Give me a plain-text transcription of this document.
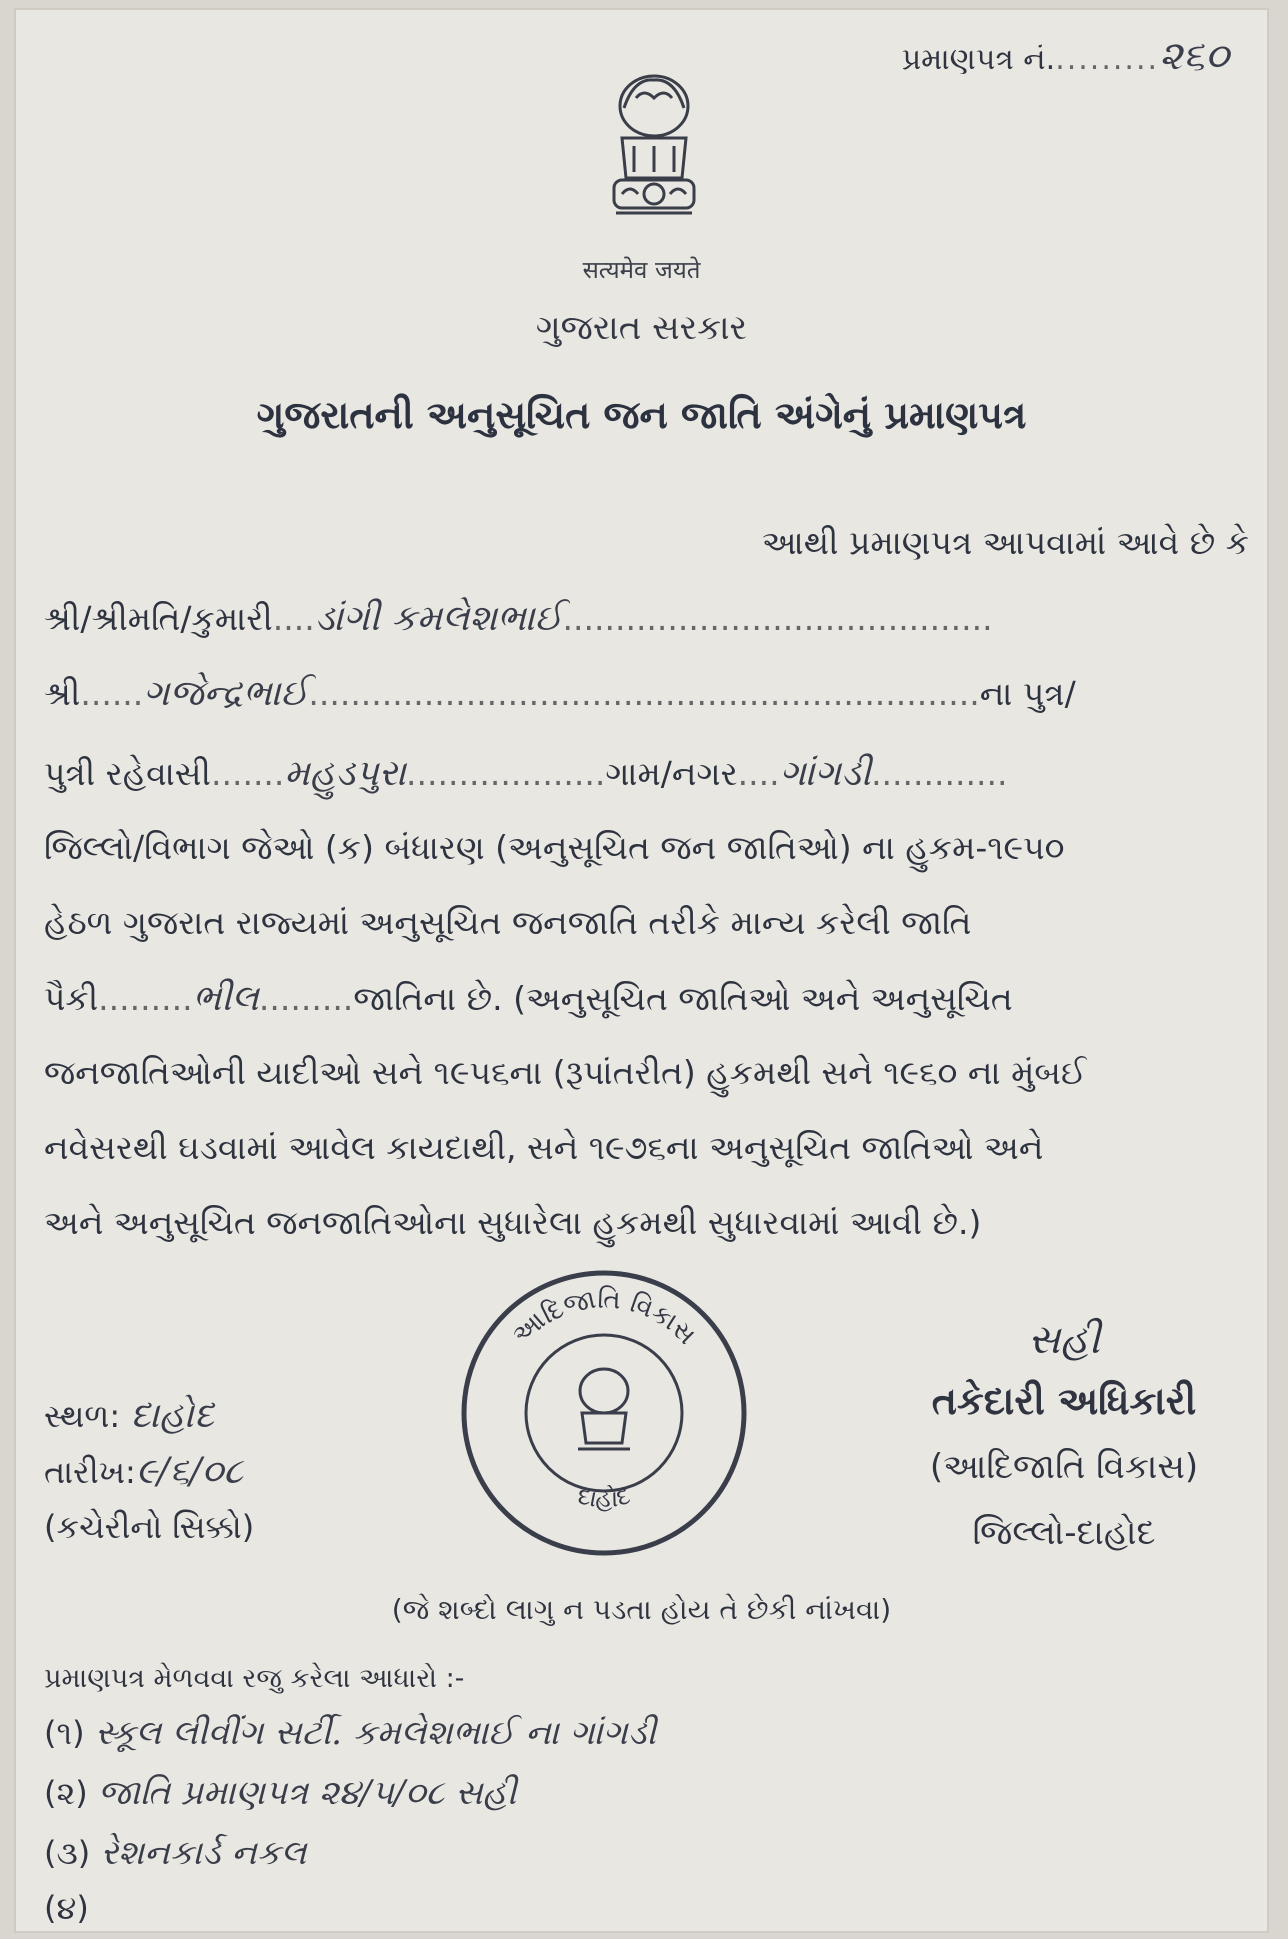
પ્રમાણપત્ર નં..........૨૬૦
सत्यमेव जयते
ગુજરાત સરકાર
ગુજરાતની અનુસૂચિત જન જાતિ અંગેનું પ્રમાણપત્ર
આથી પ્રમાણપત્ર આપવામાં આવે છે કે
શ્રી/શ્રીમતિ/કુમારી....ડાંગી કમલેશભાઈ.........................................
શ્રી......ગજેન્દ્રભાઈ................................................................ના પુત્ર/
પુત્રી રહેવાસી.......મહુડપુરા...................ગામ/નગર....ગાંગડી.............
જિલ્લો/વિભાગ જેઓ (ક) બંધારણ (અનુસૂચિત જન જાતિઓ) ના હુકમ-૧૯૫૦
હેઠળ ગુજરાત રાજ્યમાં અનુસૂચિત જનજાતિ તરીકે માન્ય કરેલી જાતિ
પૈકી.........ભીલ.........જાતિના છે. (અનુસૂચિત જાતિઓ અને અનુસૂચિત
જનજાતિઓની યાદીઓ સને ૧૯૫૬ના (રૂપાંતરીત) હુકમથી સને ૧૯૬૦ ના મુંબઈ
નવેસરથી ઘડવામાં આવેલ કાયદાથી, સને ૧૯૭૬ના અનુસૂચિત જાતિઓ અને
અને અનુસૂચિત જનજાતિઓના સુધારેલા હુકમથી સુધારવામાં આવી છે.)
આદિજાતિ વિકાસ
દાહોદ
સ્થળ: દાહોદ
તારીખ:૯/૬/૦૮
(કચેરીનો સિક્કો)
સહી
તકેદારી અધિકારી
(આદિજાતિ વિકાસ)
જિલ્લો-દાહોદ
(જે શબ્દો લાગુ ન પડતા હોય તે છેકી નાંખવા)
પ્રમાણપત્ર મેળવવા રજુ કરેલા આધારો :-
(૧) સ્કૂલ લીવીંગ સર્ટી. કમલેશભાઈ ના ગાંગડી
(૨) જાતિ પ્રમાણપત્ર ૨૪/૫/૦૮ સહી
(૩) રેશનકાર્ડ નકલ
(૪)
